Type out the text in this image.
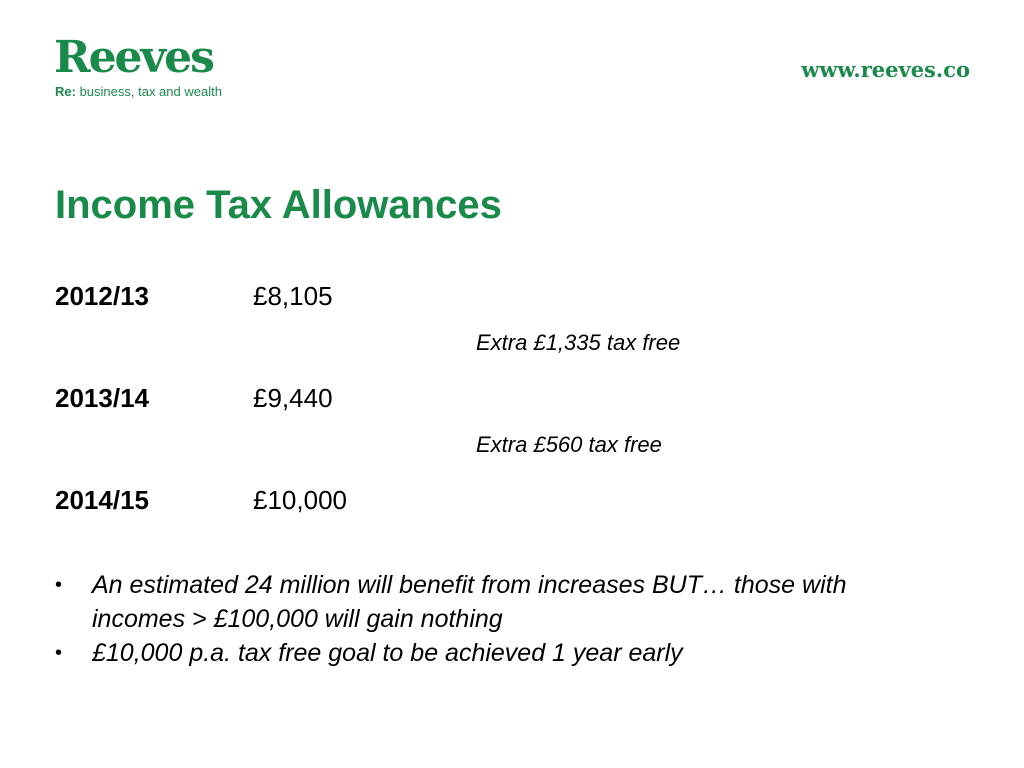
Reeves
Re: business, tax and wealth
www.reeves.co
Income Tax Allowances
2012/13	£8,105
Extra £1,335 tax free
2013/14	£9,440
Extra £560 tax free
2014/15	£10,000
• An estimated 24 million will benefit from increases BUT… those with incomes > £100,000 will gain nothing
• £10,000 p.a. tax free goal to be achieved 1 year early
